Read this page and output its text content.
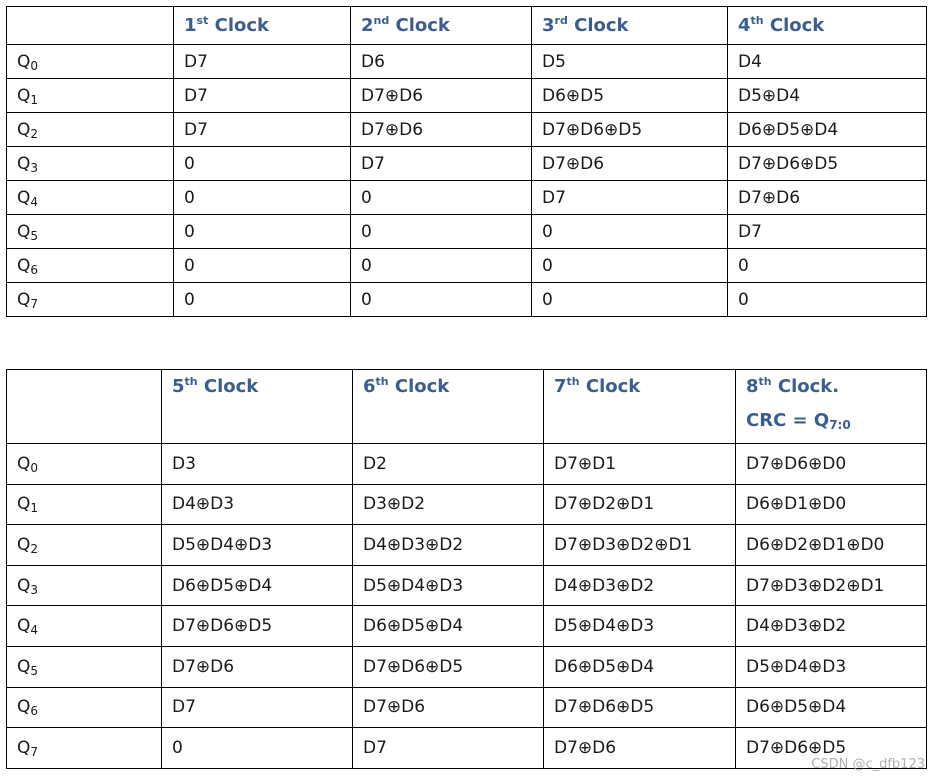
	1st Clock	2nd Clock	3rd Clock	4th Clock
$Q_0$	D7	D6	D5	D4
$Q_1$	D7	D7⊕D6	D6⊕D5	D5⊕D4
$Q_2$	D7	D7⊕D6	D7⊕D6⊕D5	D6⊕D5⊕D4
$Q_3$	0	D7	D7⊕D6	D7⊕D6⊕D5
$Q_4$	0	0	D7	D7⊕D6
$Q_5$	0	0	0	D7
$Q_6$	0	0	0	0
$Q_7$	0	0	0	0

	5th Clock	6th Clock	7th Clock	8th Clock.
CRC = $Q_{7:0}$

$Q_0$	D3	D2	D7⊕D1	D7⊕D6⊕D0
$Q_1$	D4⊕D3	D3⊕D2	D7⊕D2⊕D1	D6⊕D1⊕D0
$Q_2$	D5⊕D4⊕D3	D4⊕D3⊕D2	D7⊕D3⊕D2⊕D1	D6⊕D2⊕D1⊕D0
$Q_3$	D6⊕D5⊕D4	D5⊕D4⊕D3	D4⊕D3⊕D2	D7⊕D3⊕D2⊕D1
$Q_4$	D7⊕D6⊕D5	D6⊕D5⊕D4	D5⊕D4⊕D3	D4⊕D3⊕D2
$Q_5$	D7⊕D6	D7⊕D6⊕D5	D6⊕D5⊕D4	D5⊕D4⊕D3
$Q_6$	D7	D7⊕D6	D7⊕D6⊕D5	D6⊕D5⊕D4
$Q_7$	0	D7	D7⊕D6	D7⊕D6⊕D5
CSDN @c_dfb123
